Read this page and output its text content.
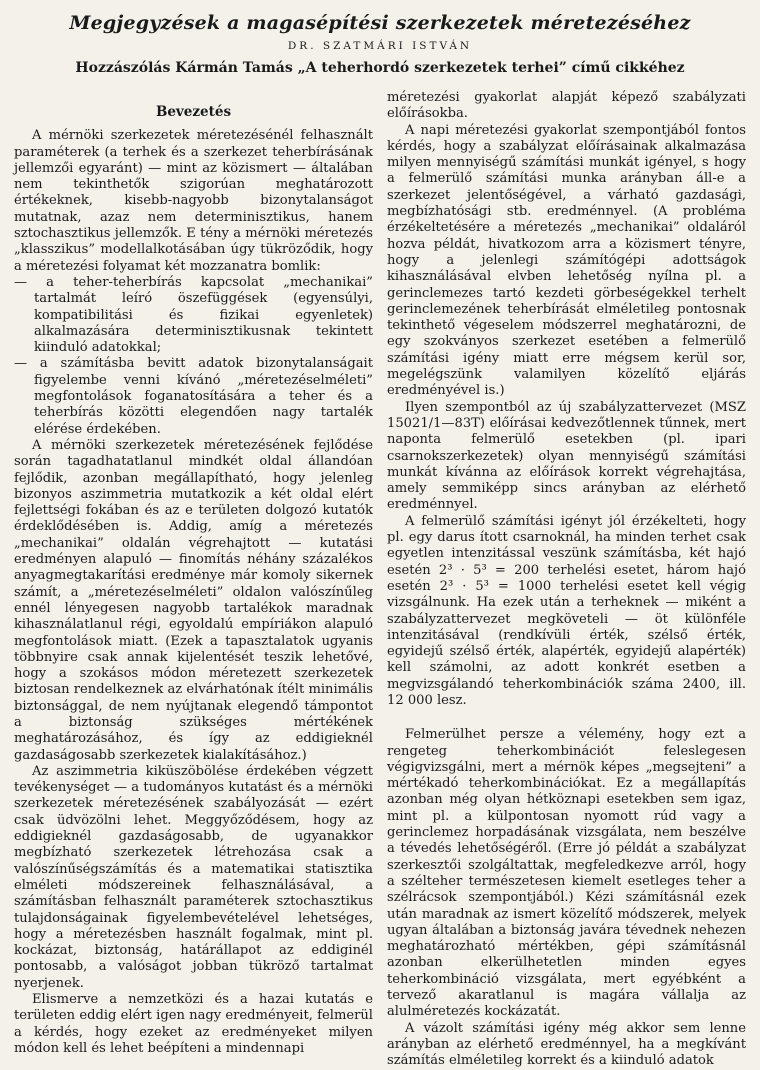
Megjegyzések a magasépítési szerkezetek méretezéséhez
DR. SZATMÁRI ISTVÁN
Hozzászólás Kármán Tamás „A teherhordó szerkezetek terhei” című cikkéhez
Bevezetés

A mérnöki szerkezetek méretezésénél felhasznált paraméterek (a terhek és a szerkezet teherbírásának jellemzői egyaránt) — mint az közismert — általában nem tekinthetők szigorúan meghatározott értékeknek, kisebb-nagyobb bizonytalanságot mutatnak, azaz nem determinisztikus, hanem sztochasztikus jellemzők. E tény a mérnöki méretezés „klasszikus” modellalkotásában úgy tükröződik, hogy a méretezési folyamat két mozzanatra bomlik:

— a teher-teherbírás kapcsolat „mechanikai” tartalmát leíró öszefüggések (egyensúlyi, kompatibilitási és fizikai egyenletek) alkalmazására determinisztikusnak tekintett kiinduló adatokkal;
— a számításba bevitt adatok bizonytalanságait figyelembe venni kívánó „méretezéselméleti” megfontolások foganatosítására a teher és a teherbírás közötti elegendően nagy tartalék elérése érdekében.

A mérnöki szerkezetek méretezésének fejlődése során tagadhatatlanul mindkét oldal állandóan fejlődik, azonban megállapítható, hogy jelenleg bizonyos aszimmetria mutatkozik a két oldal elért fejlettségi fokában és az e területen dolgozó kutatók érdeklődésében is. Addig, amíg a méretezés „mechanikai” oldalán végrehajtott — kutatási eredményen alapuló — finomítás néhány százalékos anyagmegtakarítási eredménye már komoly sikernek számít, a „méretezéselméleti” oldalon valószínűleg ennél lényegesen nagyobb tartalékok maradnak kihasználatlanul régi, egyoldalú empíriákon alapuló megfontolások miatt. (Ezek a tapasztalatok ugyanis többnyire csak annak kijelentését teszik lehetővé, hogy a szokásos módon méretezett szerkezetek biztosan rendelkeznek az elvárhatónak ítélt minimális biztonsággal, de nem nyújtanak elegendő támpontot a biztonság szükséges mértékének meghatározásához, és így az eddigieknél gazdaságosabb szerkezetek kialakításához.)

Az aszimmetria kiküszöbölése érdekében végzett tevékenységet — a tudományos kutatást és a mérnöki szerkezetek méretezésének szabályozását — ezért csak üdvözölni lehet. Meggyőződésem, hogy az eddigieknél gazdaságosabb, de ugyanakkor megbízható szerkezetek létrehozása csak a valószínűségszámítás és a matematikai statisztika elméleti módszereinek felhasználásával, a számításban felhasznált paraméterek sztochasztikus tulajdonságainak figyelembevételével lehetséges, hogy a méretezésben használt fogalmak, mint pl. kockázat, biztonság, határállapot az eddiginél pontosabb, a valóságot jobban tükröző tartalmat nyerjenek.

Elismerve a nemzetközi és a hazai kutatás e területen eddig elért igen nagy eredményeit, felmerül a kérdés, hogy ezeket az eredményeket milyen módon kell és lehet beépíteni a mindennapi

méretezési gyakorlat alapját képező szabályzati előírásokba.

A napi méretezési gyakorlat szempontjából fontos kérdés, hogy a szabályzat előírásainak alkalmazása milyen mennyiségű számítási munkát igényel, s hogy a felmerülő számítási munka arányban áll-e a szerkezet jelentőségével, a várható gazdasági, megbízhatósági stb. eredménnyel. (A probléma érzékeltetésére a méretezés „mechanikai” oldaláról hozva példát, hivatkozom arra a közismert tényre, hogy a jelenlegi számítógépi adottságok kihasználásával elvben lehetőség nyílna pl. a gerinclemezes tartó kezdeti görbeségekkel terhelt gerinclemezének teherbírását elméletileg pontosnak tekinthető végeselem módszerrel meghatározni, de egy szokványos szerkezet esetében a felmerülő számítási igény miatt erre mégsem kerül sor, megelégszünk valamilyen közelítő eljárás eredményével is.)

Ilyen szempontból az új szabályzattervezet (MSZ 15021/1—83T) előírásai kedvezőtlennek tűnnek, mert naponta felmerülő esetekben (pl. ipari csarnokszerkezetek) olyan mennyiségű számítási munkát kívánna az előírások korrekt végrehajtása, amely semmiképp sincs arányban az elérhető eredménnyel.

A felmerülő számítási igényt jól érzékelteti, hogy pl. egy darus ított csarnoknál, ha minden terhet csak egyetlen intenzitással veszünk számításba, két hajó esetén 2³ · 5³ = 200 terhelési esetet, három hajó esetén 2³ · 5³ = 1000 terhelési esetet kell végig vizsgálnunk. Ha ezek után a terheknek — miként a szabályzattervezet megköveteli — öt különféle intenzitásával (rendkívüli érték, szélső érték, egyidejű szélső érték, alapérték, egyidejű alapérték) kell számolni, az adott konkrét esetben a megvizsgálandó teherkombinációk száma 2400, ill. 12 000 lesz.

Felmerülhet persze a vélemény, hogy ezt a rengeteg teherkombinációt feleslegesen végigvizsgálni, mert a mérnök képes „megsejteni” a mértékadó teherkombinációkat. Ez a megállapítás azonban még olyan hétköznapi esetekben sem igaz, mint pl. a külpontosan nyomott rúd vagy a gerinclemez horpadásának vizsgálata, nem beszélve a tévedés lehetőségéről. (Erre jó példát a szabályzat szerkesztői szolgáltattak, megfeledkezve arról, hogy a szélteher természetesen kiemelt esetleges teher a szélrácsok szempontjából.) Kézi számításnál ezek után maradnak az ismert közelítő módszerek, melyek ugyan általában a biztonság javára tévednek nehezen meghatározható mértékben, gépi számításnál azonban elkerülhetetlen minden egyes teherkombináció vizsgálata, mert egyébként a tervező akaratlanul is magára vállalja az alulméretezés kockázatát.

A vázolt számítási igény még akkor sem lenne arányban az elérhető eredménnyel, ha a megkívánt számítás elméletileg korrekt és a kiinduló adatok
